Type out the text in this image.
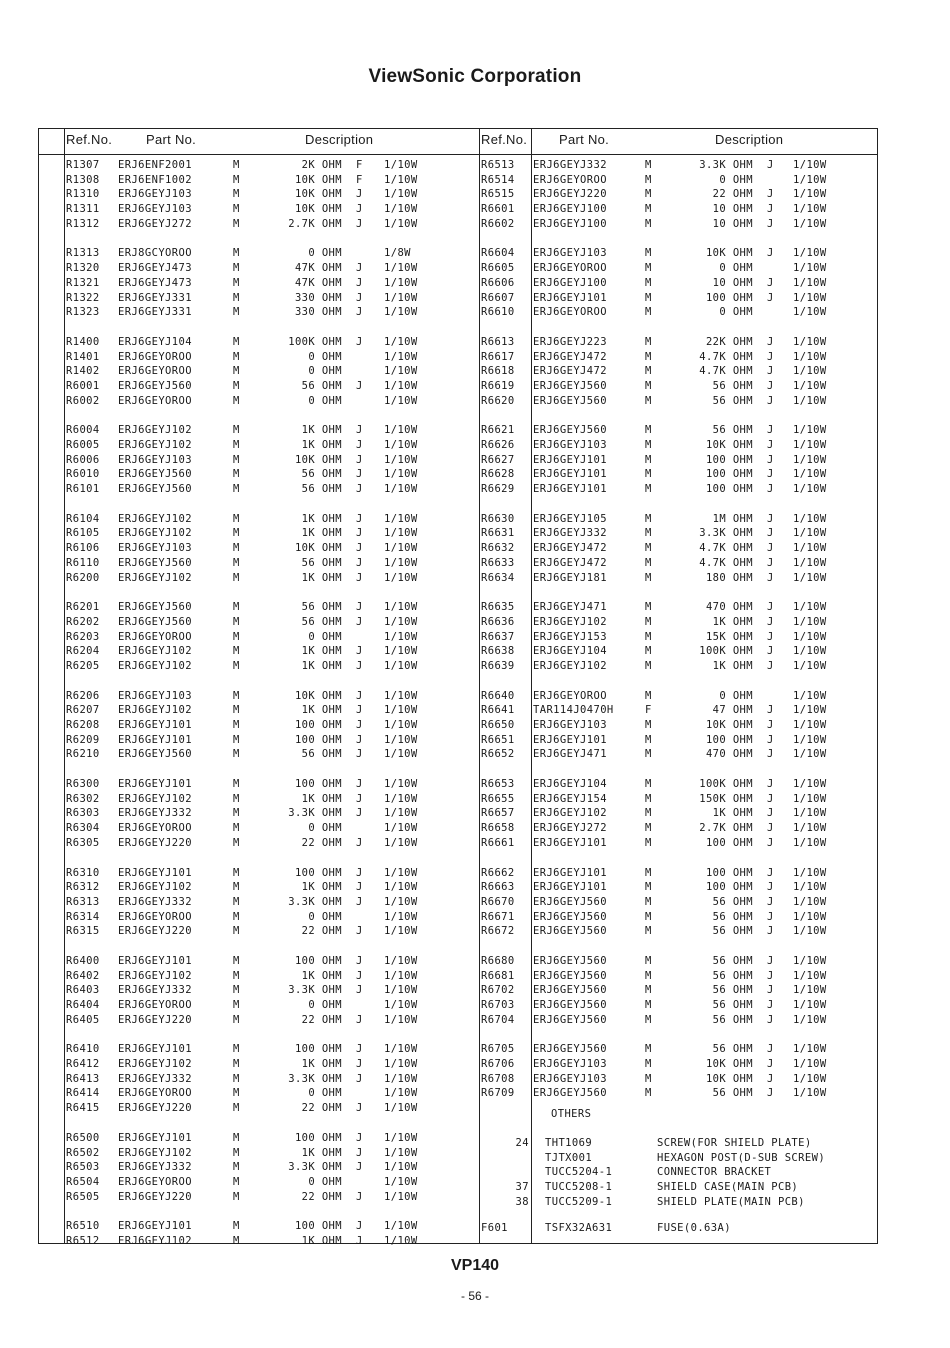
ViewSonic Corporation
Ref.No.	Part No.	Description	Ref.No. Part No.	Description
R1307 ERJ6ENF2001	M	2K OHM F 1/10W
R1308 ERJ6ENF1002	M	10K OHM F 1/10W
R1310 ERJ6GEYJ103	M	10K OHM J 1/10W
R1311 ERJ6GEYJ103	M	10K OHM J 1/10W
R1312 ERJ6GEYJ272	M	2.7K OHM J 1/10W
R1313 ERJ8GCYOROO	M	0 OHM	1/8W
R1320 ERJ6GEYJ473	M	47K OHM J 1/10W
R1321 ERJ6GEYJ473	M	47K OHM J 1/10W
R1322 ERJ6GEYJ331	M	330 OHM J 1/10W
R1323 ERJ6GEYJ331	M	330 OHM J 1/10W
R1400 ERJ6GEYJ104	M	100K OHM J 1/10W
R1401 ERJ6GEYOROO	M	0 OHM	1/10W
R1402 ERJ6GEYOROO	M	0 OHM	1/10W
R6001 ERJ6GEYJ560	M	56 OHM J 1/10W
R6002 ERJ6GEYOROO	M	0 OHM	1/10W
R6004 ERJ6GEYJ102	M	1K OHM J 1/10W
R6005 ERJ6GEYJ102	M	1K OHM J 1/10W
R6006 ERJ6GEYJ103	M	10K OHM J 1/10W
R6010 ERJ6GEYJ560	M	56 OHM J 1/10W
R6101 ERJ6GEYJ560	M	56 OHM J 1/10W
R6104 ERJ6GEYJ102	M	1K OHM J 1/10W
R6105 ERJ6GEYJ102	M	1K OHM J 1/10W
R6106 ERJ6GEYJ103	M	10K OHM J 1/10W
R6110 ERJ6GEYJ560	M	56 OHM J 1/10W
R6200 ERJ6GEYJ102	M	1K OHM J 1/10W
R6201 ERJ6GEYJ560	M	56 OHM J 1/10W
R6202 ERJ6GEYJ560	M	56 OHM J 1/10W
R6203 ERJ6GEYOROO	M	0 OHM	1/10W
R6204 ERJ6GEYJ102	M	1K OHM J 1/10W
R6205 ERJ6GEYJ102	M	1K OHM J 1/10W
R6206 ERJ6GEYJ103	M	10K OHM J 1/10W
R6207 ERJ6GEYJ102	M	1K OHM J 1/10W
R6208 ERJ6GEYJ101	M	100 OHM J 1/10W
R6209 ERJ6GEYJ101	M	100 OHM J 1/10W
R6210 ERJ6GEYJ560	M	56 OHM J 1/10W
R6300 ERJ6GEYJ101	M	100 OHM J 1/10W
R6302 ERJ6GEYJ102	M	1K OHM J 1/10W
R6303 ERJ6GEYJ332	M	3.3K OHM J 1/10W
R6304 ERJ6GEYOROO	M	0 OHM	1/10W
R6305 ERJ6GEYJ220	M	22 OHM J 1/10W
R6310 ERJ6GEYJ101	M	100 OHM J 1/10W
R6312 ERJ6GEYJ102	M	1K OHM J 1/10W
R6313 ERJ6GEYJ332	M	3.3K OHM J 1/10W
R6314 ERJ6GEYOROO	M	0 OHM	1/10W
R6315 ERJ6GEYJ220	M	22 OHM J 1/10W
R6400 ERJ6GEYJ101	M	100 OHM J 1/10W
R6402 ERJ6GEYJ102	M	1K OHM J 1/10W
R6403 ERJ6GEYJ332	M	3.3K OHM J 1/10W
R6404 ERJ6GEYOROO	M	0 OHM	1/10W
R6405 ERJ6GEYJ220	M	22 OHM J 1/10W
R6410 ERJ6GEYJ101	M	100 OHM J 1/10W
R6412 ERJ6GEYJ102	M	1K OHM J 1/10W
R6413 ERJ6GEYJ332	M	3.3K OHM J 1/10W
R6414 ERJ6GEYOROO	M	0 OHM	1/10W
R6415 ERJ6GEYJ220	M	22 OHM J 1/10W
R6500 ERJ6GEYJ101	M	100 OHM J 1/10W
R6502 ERJ6GEYJ102	M	1K OHM J 1/10W
R6503 ERJ6GEYJ332	M	3.3K OHM J 1/10W
R6504 ERJ6GEYOROO	M	0 OHM	1/10W
R6505 ERJ6GEYJ220	M	22 OHM J 1/10W
R6510 ERJ6GEYJ101	M	100 OHM J 1/10W
R6512 ERJ6GEYJ102	M	1K OHM J 1/10W
R6513 ERJ6GEYJ332	M	3.3K OHM J 1/10W
R6514 ERJ6GEYOROO	M	0 OHM	1/10W
R6515 ERJ6GEYJ220	M	22 OHM J 1/10W
R6601 ERJ6GEYJ100	M	10 OHM J 1/10W
R6602 ERJ6GEYJ100	M	10 OHM J 1/10W
R6604 ERJ6GEYJ103	M	10K OHM J 1/10W
R6605 ERJ6GEYOROO	M	0 OHM	1/10W
R6606 ERJ6GEYJ100	M	10 OHM J 1/10W
R6607 ERJ6GEYJ101	M	100 OHM J 1/10W
R6610 ERJ6GEYOROO	M	0 OHM	1/10W
R6613 ERJ6GEYJ223	M	22K OHM J 1/10W
R6617 ERJ6GEYJ472	M	4.7K OHM J 1/10W
R6618 ERJ6GEYJ472	M	4.7K OHM J 1/10W
R6619 ERJ6GEYJ560	M	56 OHM J 1/10W
R6620 ERJ6GEYJ560	M	56 OHM J 1/10W
R6621 ERJ6GEYJ560	M	56 OHM J 1/10W
R6626 ERJ6GEYJ103	M	10K OHM J 1/10W
R6627 ERJ6GEYJ101	M	100 OHM J 1/10W
R6628 ERJ6GEYJ101	M	100 OHM J 1/10W
R6629 ERJ6GEYJ101	M	100 OHM J 1/10W
R6630 ERJ6GEYJ105	M	1M OHM J 1/10W
R6631 ERJ6GEYJ332	M	3.3K OHM J 1/10W
R6632 ERJ6GEYJ472	M	4.7K OHM J 1/10W
R6633 ERJ6GEYJ472	M	4.7K OHM J 1/10W
R6634 ERJ6GEYJ181	M	180 OHM J 1/10W
R6635 ERJ6GEYJ471	M	470 OHM J 1/10W
R6636 ERJ6GEYJ102	M	1K OHM J 1/10W
R6637 ERJ6GEYJ153	M	15K OHM J 1/10W
R6638 ERJ6GEYJ104	M	100K OHM J 1/10W
R6639 ERJ6GEYJ102	M	1K OHM J 1/10W
R6640 ERJ6GEYOROO	M	0 OHM	1/10W
R6641 TAR114J0470H	F	47 OHM J 1/10W
R6650 ERJ6GEYJ103	M	10K OHM J 1/10W
R6651 ERJ6GEYJ101	M	100 OHM J 1/10W
R6652 ERJ6GEYJ471	M	470 OHM J 1/10W
R6653 ERJ6GEYJ104	M	100K OHM J 1/10W
R6655 ERJ6GEYJ154	M	150K OHM J 1/10W
R6657 ERJ6GEYJ102	M	1K OHM J 1/10W
R6658 ERJ6GEYJ272	M	2.7K OHM J 1/10W
R6661 ERJ6GEYJ101	M	100 OHM J 1/10W
R6662 ERJ6GEYJ101	M	100 OHM J 1/10W
R6663 ERJ6GEYJ101	M	100 OHM J 1/10W
R6670 ERJ6GEYJ560	M	56 OHM J 1/10W
R6671 ERJ6GEYJ560	M	56 OHM J 1/10W
R6672 ERJ6GEYJ560	M	56 OHM J 1/10W
R6680 ERJ6GEYJ560	M	56 OHM J 1/10W
R6681 ERJ6GEYJ560	M	56 OHM J 1/10W
R6702 ERJ6GEYJ560	M	56 OHM J 1/10W
R6703 ERJ6GEYJ560	M	56 OHM J 1/10W
R6704 ERJ6GEYJ560	M	56 OHM J 1/10W
R6705 ERJ6GEYJ560	M	56 OHM J 1/10W
R6706 ERJ6GEYJ103	M	10K OHM J 1/10W
R6708 ERJ6GEYJ103	M	10K OHM J 1/10W
R6709 ERJ6GEYJ560	M	56 OHM J 1/10W
OTHERS
24 THT1069	SCREW(FOR SHIELD PLATE)
TJTX001	HEXAGON POST(D-SUB SCREW)
TUCC5204-1	CONNECTOR BRACKET
37 TUCC5208-1	SHIELD CASE(MAIN PCB)
38 TUCC5209-1	SHIELD PLATE(MAIN PCB)
F601	TSFX32A631	FUSE(0.63A)
VP140
- 56 -
